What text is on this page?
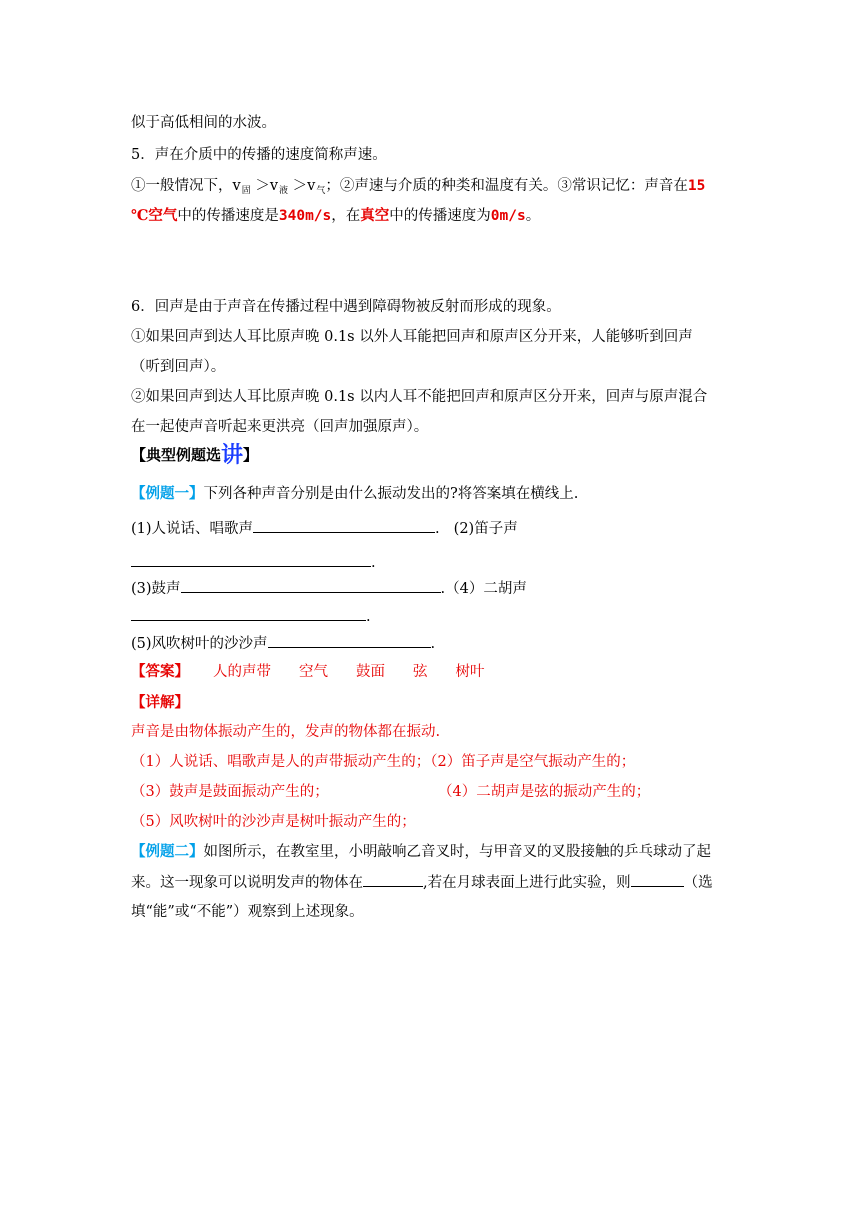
似于高低相间的水波。
5．声在介质中的传播的速度简称声速。
①一般情况下，$v_固 >v_液 >v_气$；②声速与介质的种类和温度有关。③常识记忆：声音在15
℃空气中的传播速度是340m/s，在真空中的传播速度为0m/s。
6．回声是由于声音在传播过程中遇到障碍物被反射而形成的现象。
①如果回声到达人耳比原声晚 0.1s 以外人耳能把回声和原声区分开来，人能够听到回声
（听到回声）。
②如果回声到达人耳比原声晚 0.1s 以内人耳不能把回声和原声区分开来，回声与原声混合
在一起使声音听起来更洪亮（回声加强原声）。
【典型例题选讲】
【例题一】下列各种声音分别是由什么振动发出的?将答案填在横线上.
(1)人说话、唱歌声	. (2)笛子声
.
(3)鼓声	.（4）二胡声
.
(5)风吹树叶的沙沙声	.
【答案】 人的声带 空气 鼓面 弦 树叶
【详解】
声音是由物体振动产生的，发声的物体都在振动.
（1）人说话、唱歌声是人的声带振动产生的；（2）笛子声是空气振动产生的；
（3）鼓声是鼓面振动产生的；	（4）二胡声是弦的振动产生的；
（5）风吹树叶的沙沙声是树叶振动产生的；
【例题二】如图所示，在教室里，小明敲响乙音叉时，与甲音叉的叉股接触的乒乓球动了起
来。这一现象可以说明发声的物体在	,若在月球表面上进行此实验，则	（选
填“能”或“不能”）观察到上述现象。
